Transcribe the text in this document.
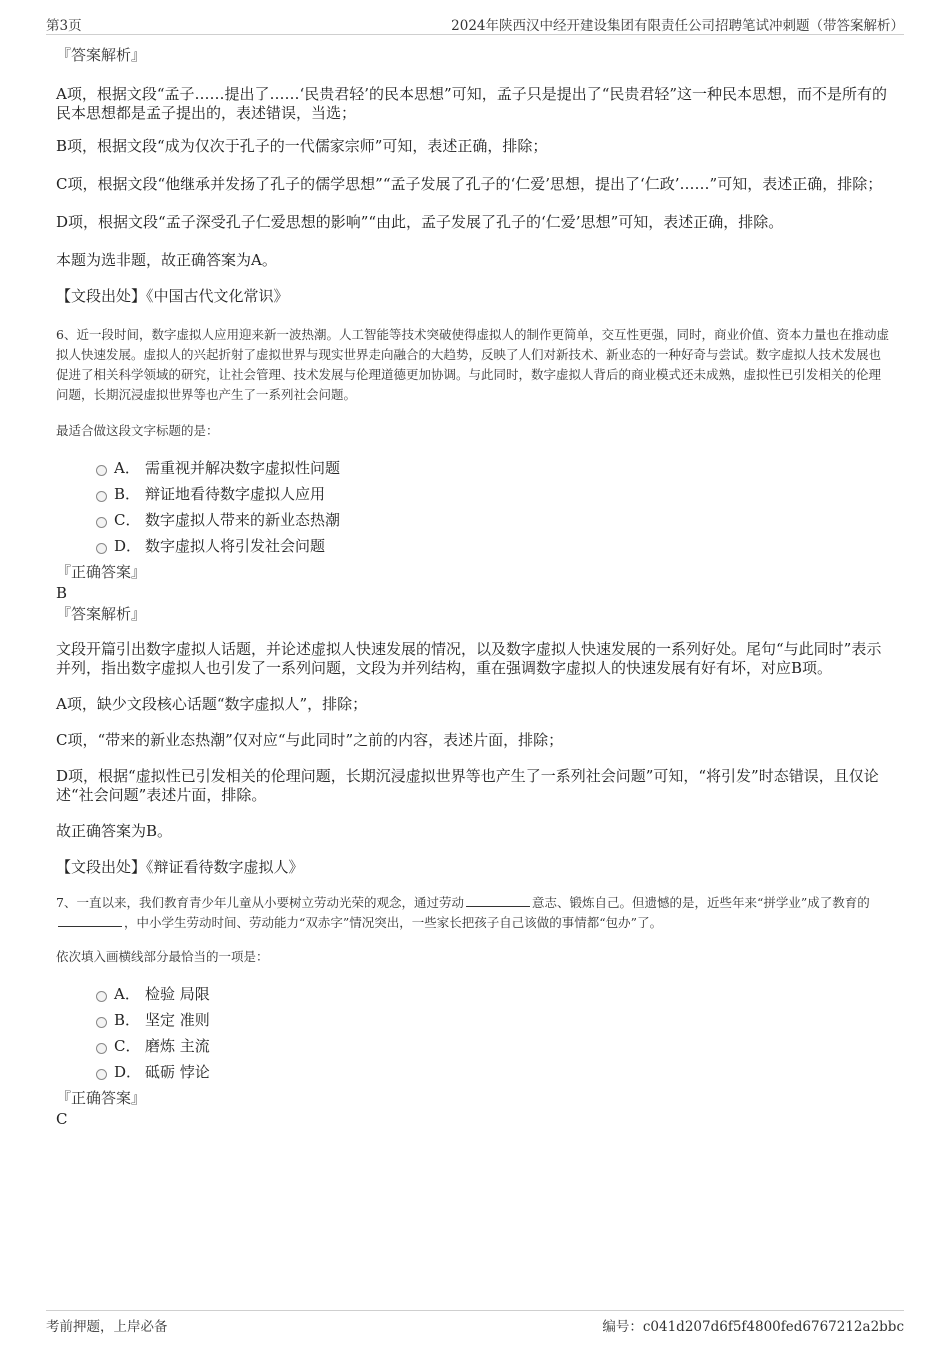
第3页	2024年陕西汉中经开建设集团有限责任公司招聘笔试冲刺题（带答案解析）

『答案解析』

A项，根据文段“孟子……提出了……‘民贵君轻’的民本思想”可知，孟子只是提出了“民贵君轻”这一种民本思想，而不是所有的民本思想都是孟子提出的，表述错误，当选；

B项，根据文段“成为仅次于孔子的一代儒家宗师”可知，表述正确，排除；

C项，根据文段“他继承并发扬了孔子的儒学思想”“孟子发展了孔子的‘仁爱’思想，提出了‘仁政’……”可知，表述正确，排除；

D项，根据文段“孟子深受孔子仁爱思想的影响”“由此，孟子发展了孔子的‘仁爱’思想”可知，表述正确，排除。

本题为选非题，故正确答案为A。

【文段出处】《中国古代文化常识》

6、近一段时间，数字虚拟人应用迎来新一波热潮。人工智能等技术突破使得虚拟人的制作更简单，交互性更强，同时，商业价值、资本力量也在推动虚拟人快速发展。虚拟人的兴起折射了虚拟世界与现实世界走向融合的大趋势，反映了人们对新技术、新业态的一种好奇与尝试。数字虚拟人技术发展也促进了相关科学领域的研究，让社会管理、技术发展与伦理道德更加协调。与此同时，数字虚拟人背后的商业模式还未成熟，虚拟性已引发相关的伦理问题，长期沉浸虚拟世界等也产生了一系列社会问题。

最适合做这段文字标题的是：

A． 需重视并解决数字虚拟性问题
B． 辩证地看待数字虚拟人应用
C． 数字虚拟人带来的新业态热潮
D． 数字虚拟人将引发社会问题

『正确答案』

B

『答案解析』

文段开篇引出数字虚拟人话题，并论述虚拟人快速发展的情况，以及数字虚拟人快速发展的一系列好处。尾句“与此同时”表示并列，指出数字虚拟人也引发了一系列问题，文段为并列结构，重在强调数字虚拟人的快速发展有好有坏，对应B项。

A项，缺少文段核心话题“数字虚拟人”，排除；

C项，“带来的新业态热潮”仅对应“与此同时”之前的内容，表述片面，排除；

D项，根据“虚拟性已引发相关的伦理问题，长期沉浸虚拟世界等也产生了一系列社会问题”可知，“将引发”时态错误，且仅论述“社会问题”表述片面，排除。

故正确答案为B。

【文段出处】《辩证看待数字虚拟人》

7、一直以来，我们教育青少年儿童从小要树立劳动光荣的观念，通过劳动	意志、锻炼自己。但遗憾的是，近些年来“拼学业”成了教育的，中小学生劳动时间、劳动能力“双赤字”情况突出，一些家长把孩子自己该做的事情都“包办”了。

依次填入画横线部分最恰当的一项是：

A． 检验 局限
B． 坚定 准则
C． 磨炼 主流
D． 砥砺 悖论

『正确答案』

C

考前押题，上岸必备	编号：c041d207d6f5f4800fed6767212a2bbc
